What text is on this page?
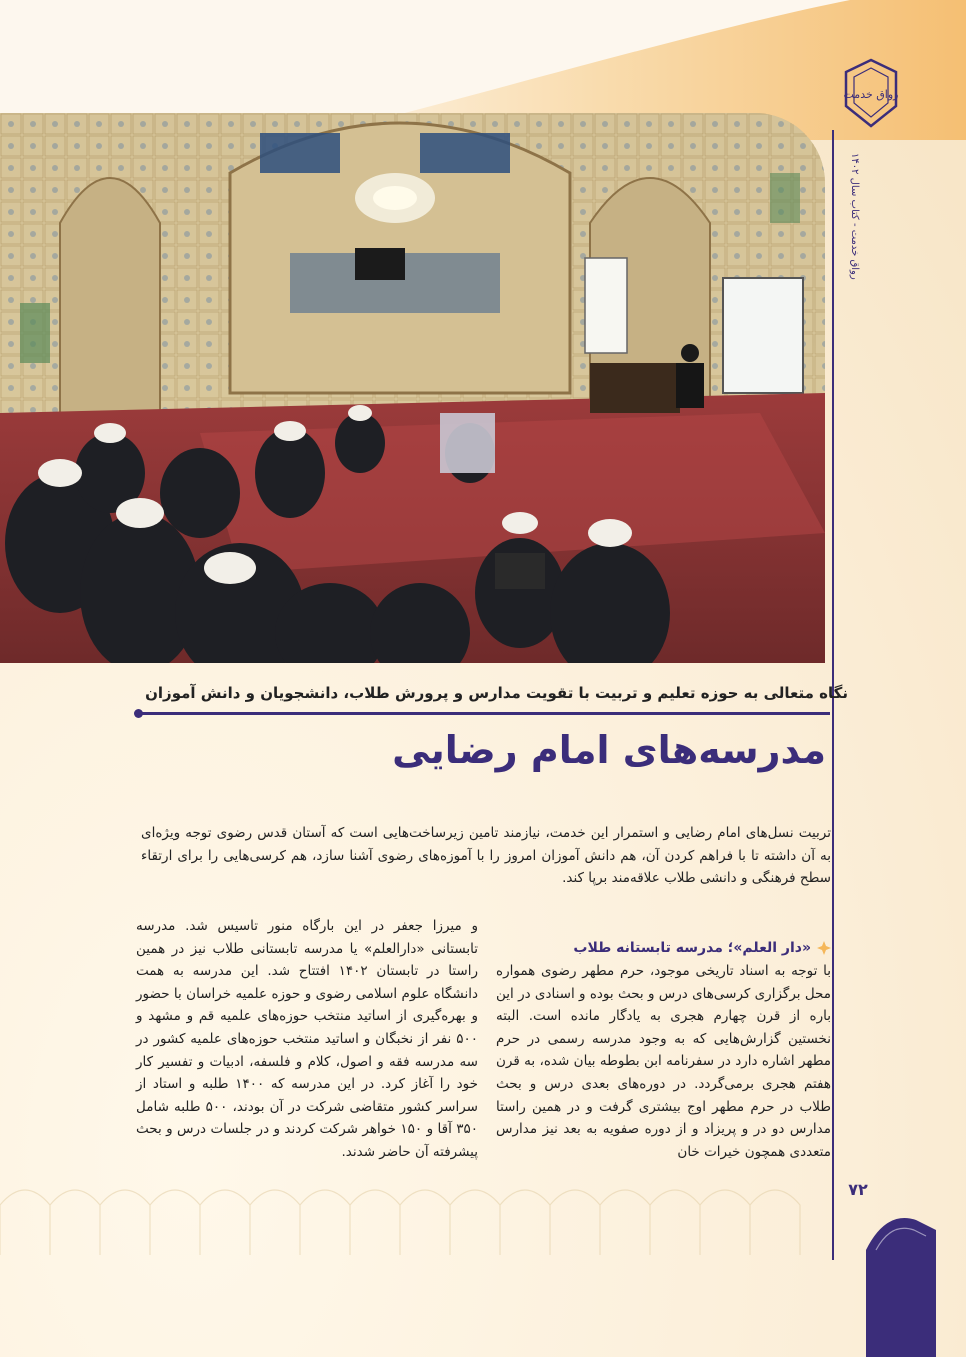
رواق خدمت
رواق خدمت - کتاب سال ۱۴۰۲
نگاه متعالی به حوزه تعلیم و تربیت با تقویت مدارس و پرورش طلاب، دانشجویان و دانش آموزان
مدرسه‌های امام رضایی

تربیت نسل‌های امام رضایی و استمرار این خدمت، نیازمند تامین زیرساخت‌هایی است که آستان قدس رضوی توجه ویژه‌ای به آن داشته تا با فراهم کردن آن، هم دانش آموزان امروز را با آموزه‌های رضوی آشنا سازد، هم کرسی‌هایی را برای ارتقاء سطح فرهنگی و دانشی طلاب علاقه‌مند برپا کند.

«دار العلم»؛ مدرسه تابستانه طلاب

با توجه به اسناد تاریخی موجود، حرم مطهر رضوی همواره محل برگزاری کرسی‌های درس و بحث بوده و اسنادی در این باره از قرن چهارم هجری به یادگار مانده است. البته نخستین گزارش‌هایی که به وجود مدرسه رسمی در حرم مطهر اشاره دارد در سفرنامه ابن بطوطه بیان شده، به قرن هفتم هجری برمی‌گردد. در دوره‌های بعدی درس و بحث طلاب در حرم مطهر اوج بیشتری گرفت و در همین راستا مدارس دو در و پریزاد و از دوره صفویه به بعد نیز مدارس متعددی همچون خیرات خان

و میرزا جعفر در این بارگاه منور تاسیس شد. مدرسه تابستانی «دارالعلم» یا مدرسه تابستانی طلاب نیز در همین راستا در تابستان ۱۴۰۲ افتتاح شد. این مدرسه به همت دانشگاه علوم اسلامی رضوی و حوزه علمیه خراسان با حضور و بهره‌گیری از اساتید منتخب حوزه‌های علمیه قم و مشهد و ۵۰۰ نفر از نخبگان و اساتید منتخب حوزه‌های علمیه کشور در سه مدرسه فقه و اصول، کلام و فلسفه، ادبیات و تفسیر کار خود را آغاز کرد. در این مدرسه که ۱۴۰۰ طلبه و استاد از سراسر کشور متقاضی شرکت در آن بودند، ۵۰۰ طلبه شامل ۳۵۰ آقا و ۱۵۰ خواهر شرکت کردند و در جلسات درس و بحث پیشرفته آن حاضر شدند.

۷۲
